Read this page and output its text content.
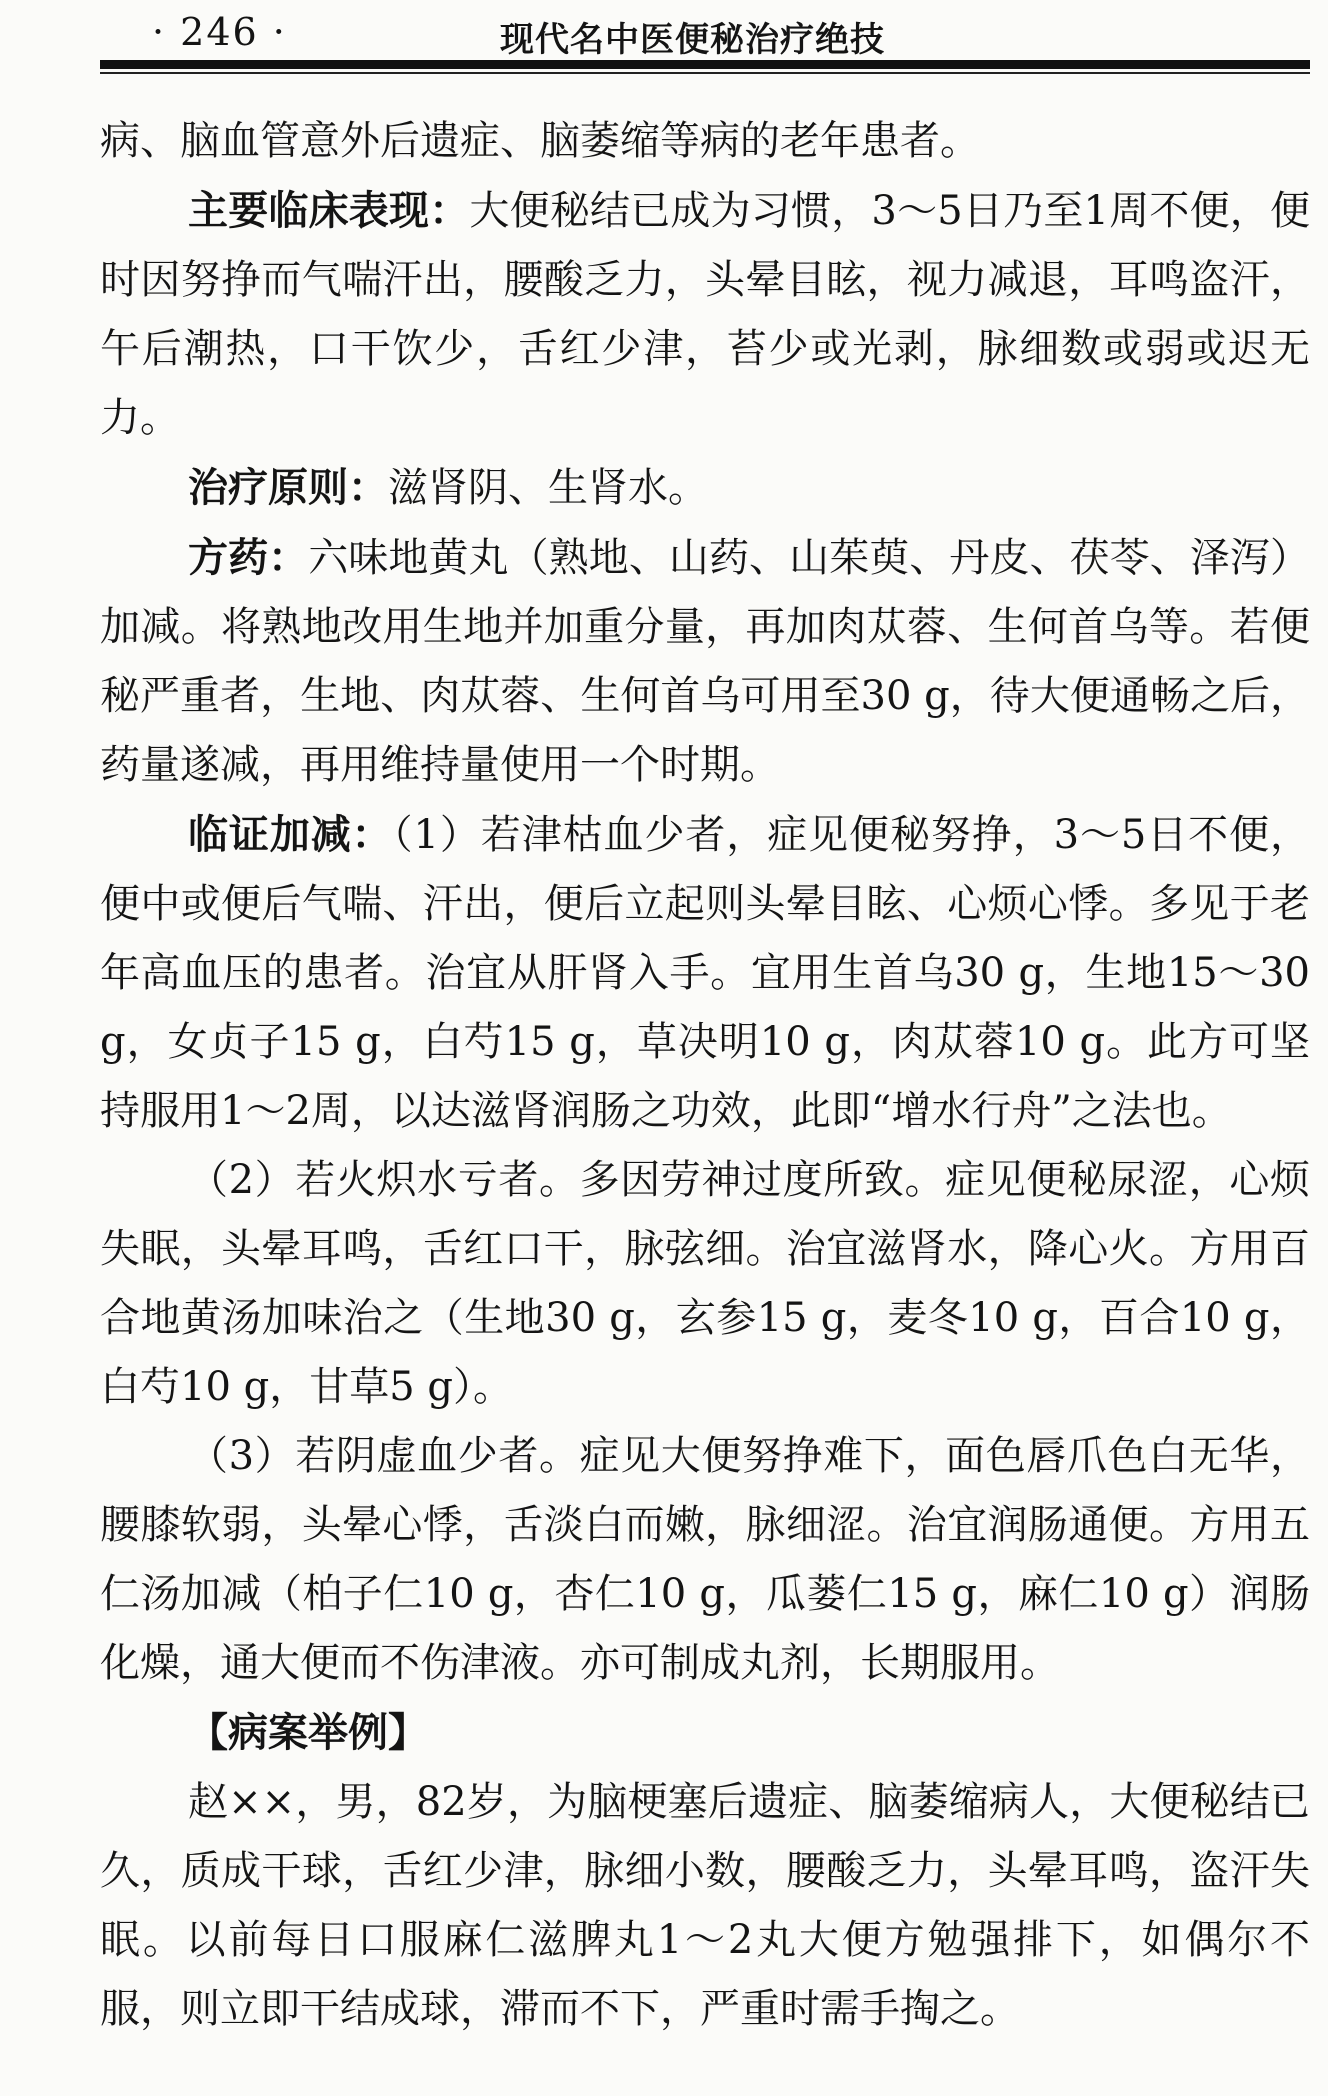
· 246 ·	现代名中医便秘治疗绝技

病、脑血管意外后遗症、脑萎缩等病的老年患者。

主要临床表现：大便秘结已成为习惯，3～5日乃至1周不便，便时因努挣而气喘汗出，腰酸乏力，头晕目眩，视力减退，耳鸣盗汗，午后潮热，口干饮少，舌红少津，苔少或光剥，脉细数或弱或迟无力。

治疗原则：滋肾阴、生肾水。

方药：六味地黄丸（熟地、山药、山茱萸、丹皮、茯苓、泽泻）加减。将熟地改用生地并加重分量，再加肉苁蓉、生何首乌等。若便秘严重者，生地、肉苁蓉、生何首乌可用至30 g，待大便通畅之后，药量遂减，再用维持量使用一个时期。

临证加减：（1）若津枯血少者，症见便秘努挣，3～5日不便，便中或便后气喘、汗出，便后立起则头晕目眩、心烦心悸。多见于老年高血压的患者。治宜从肝肾入手。宜用生首乌30 g，生地15～30 g，女贞子15 g，白芍15 g，草决明10 g，肉苁蓉10 g。此方可坚持服用1～2周，以达滋肾润肠之功效，此即“增水行舟”之法也。

（2）若火炽水亏者。多因劳神过度所致。症见便秘尿涩，心烦失眠，头晕耳鸣，舌红口干，脉弦细。治宜滋肾水，降心火。方用百合地黄汤加味治之（生地30 g，玄参15 g，麦冬10 g，百合10 g，白芍10 g，甘草5 g）。

（3）若阴虚血少者。症见大便努挣难下，面色唇爪色白无华，腰膝软弱，头晕心悸，舌淡白而嫩，脉细涩。治宜润肠通便。方用五仁汤加减（柏子仁10 g，杏仁10 g，瓜蒌仁15 g，麻仁10 g）润肠化燥，通大便而不伤津液。亦可制成丸剂，长期服用。

【病案举例】

赵××，男，82岁，为脑梗塞后遗症、脑萎缩病人，大便秘结已久，质成干球，舌红少津，脉细小数，腰酸乏力，头晕耳鸣，盗汗失眠。以前每日口服麻仁滋脾丸1～2丸大便方勉强排下，如偶尔不服，则立即干结成球，滞而不下，严重时需手掏之。
